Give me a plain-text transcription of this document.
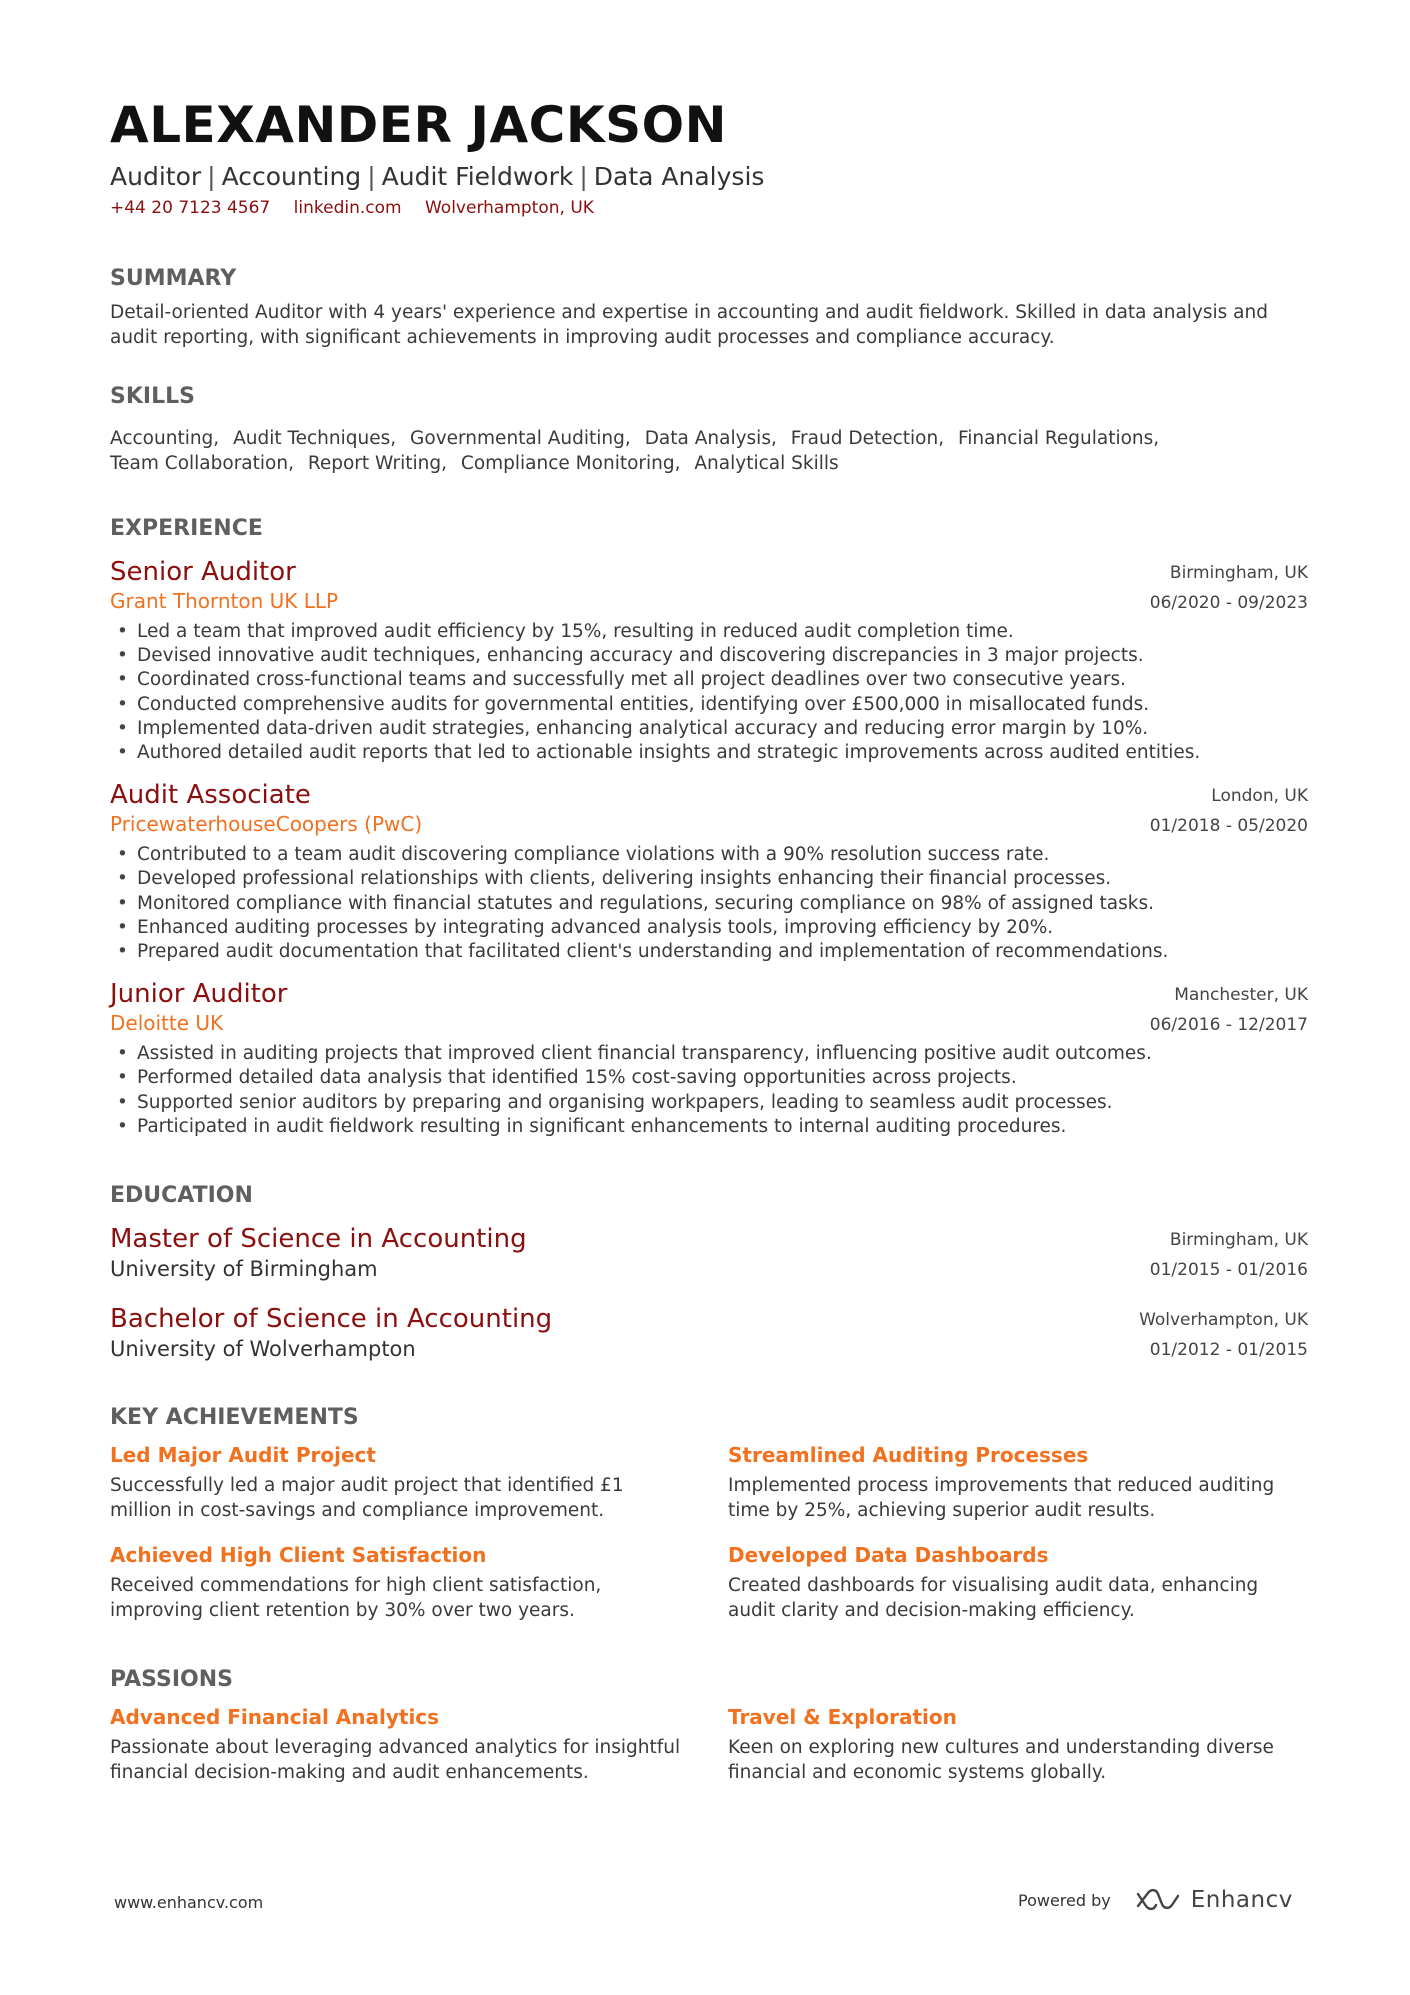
ALEXANDER JACKSON
Auditor | Accounting | Audit Fieldwork | Data Analysis
+44 20 7123 4567 linkedin.com Wolverhampton, UK
SUMMARY
Detail-oriented Auditor with 4 years' experience and expertise in accounting and audit fieldwork. Skilled in data analysis and audit reporting, with significant achievements in improving audit processes and compliance accuracy.
SKILLS
Accounting, Audit Techniques, Governmental Auditing, Data Analysis, Fraud Detection, Financial Regulations,
Team Collaboration, Report Writing, Compliance Monitoring, Analytical Skills
EXPERIENCE
Senior Auditor
Grant Thornton UK LLP
Birmingham, UK
06/2020 - 09/2023
• Led a team that improved audit efficiency by 15%, resulting in reduced audit completion time.
• Devised innovative audit techniques, enhancing accuracy and discovering discrepancies in 3 major projects.
• Coordinated cross-functional teams and successfully met all project deadlines over two consecutive years.
• Conducted comprehensive audits for governmental entities, identifying over £500,000 in misallocated funds.
• Implemented data-driven audit strategies, enhancing analytical accuracy and reducing error margin by 10%.
• Authored detailed audit reports that led to actionable insights and strategic improvements across audited entities.
Audit Associate
PricewaterhouseCoopers (PwC)
London, UK
01/2018 - 05/2020
• Contributed to a team audit discovering compliance violations with a 90% resolution success rate.
• Developed professional relationships with clients, delivering insights enhancing their financial processes.
• Monitored compliance with financial statutes and regulations, securing compliance on 98% of assigned tasks.
• Enhanced auditing processes by integrating advanced analysis tools, improving efficiency by 20%.
• Prepared audit documentation that facilitated client's understanding and implementation of recommendations.
Junior Auditor
Deloitte UK
Manchester, UK
06/2016 - 12/2017
• Assisted in auditing projects that improved client financial transparency, influencing positive audit outcomes.
• Performed detailed data analysis that identified 15% cost-saving opportunities across projects.
• Supported senior auditors by preparing and organising workpapers, leading to seamless audit processes.
• Participated in audit fieldwork resulting in significant enhancements to internal auditing procedures.
EDUCATION
Master of Science in Accounting
University of Birmingham
Birmingham, UK
01/2015 - 01/2016
Bachelor of Science in Accounting
University of Wolverhampton
Wolverhampton, UK
01/2012 - 01/2015
KEY ACHIEVEMENTS
Led Major Audit Project
Successfully led a major audit project that identified £1 million in cost-savings and compliance improvement.
Streamlined Auditing Processes
Implemented process improvements that reduced auditing time by 25%, achieving superior audit results.
Achieved High Client Satisfaction
Received commendations for high client satisfaction, improving client retention by 30% over two years.
Developed Data Dashboards
Created dashboards for visualising audit data, enhancing audit clarity and decision-making efficiency.
PASSIONS
Advanced Financial Analytics
Passionate about leveraging advanced analytics for insightful financial decision-making and audit enhancements.
Travel & Exploration
Keen on exploring new cultures and understanding diverse financial and economic systems globally.
www.enhancv.com	Powered by	Enhancv
